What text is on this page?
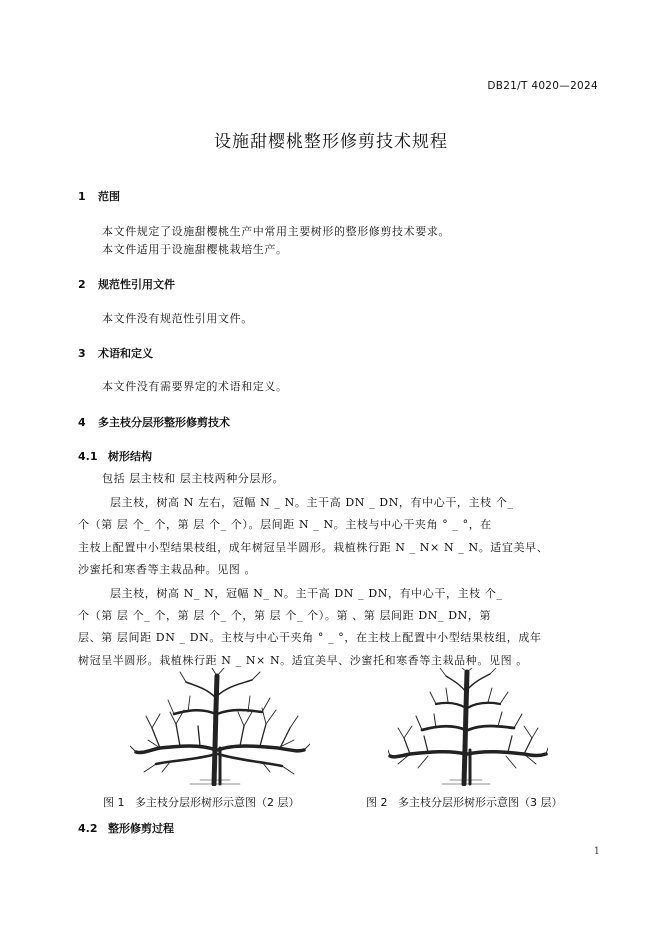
DB21/T 4020—2024
设施甜樱桃整形修剪技术规程
1 范围
本文件规定了设施甜樱桃生产中常用主要树形的整形修剪技术要求。
本文件适用于设施甜樱桃栽培生产。
2 规范性引用文件
本文件没有规范性引用文件。
3 术语和定义
本文件没有需要界定的术语和定义。
4 多主枝分层形整形修剪技术
4.1 树形结构
包括 层主枝和 层主枝两种分层形。
层主枝，树高 N 左右，冠幅 N _ N。主干高 DN _ DN，有中心干，主枝 个_
个（第 层 个_ 个，第 层 个_ 个）。层间距 N _ N。主枝与中心干夹角 ° _ °，在
主枝上配置中小型结果枝组，成年树冠呈半圆形。栽植株行距 N _ N× N _ N。适宜美早、
沙蜜托和寒香等主栽品种。见图 。
层主枝，树高 N_ N，冠幅 N_ N。主干高 DN _ DN，有中心干，主枝 个_
个（第 层 个_ 个，第 层 个_ 个，第 层 个_ 个）。第 、第 层间距 DN_ DN，第
层、第 层间距 DN _ DN。主枝与中心干夹角 ° _ °，在主枝上配置中小型结果枝组，成年
树冠呈半圆形。栽植株行距 N _ N× N。适宜美早、沙蜜托和寒香等主栽品种。见图 。
图 1 多主枝分层形树形示意图（2 层）	图 2 多主枝分层形树形示意图（3 层）
4.2 整形修剪过程
1
